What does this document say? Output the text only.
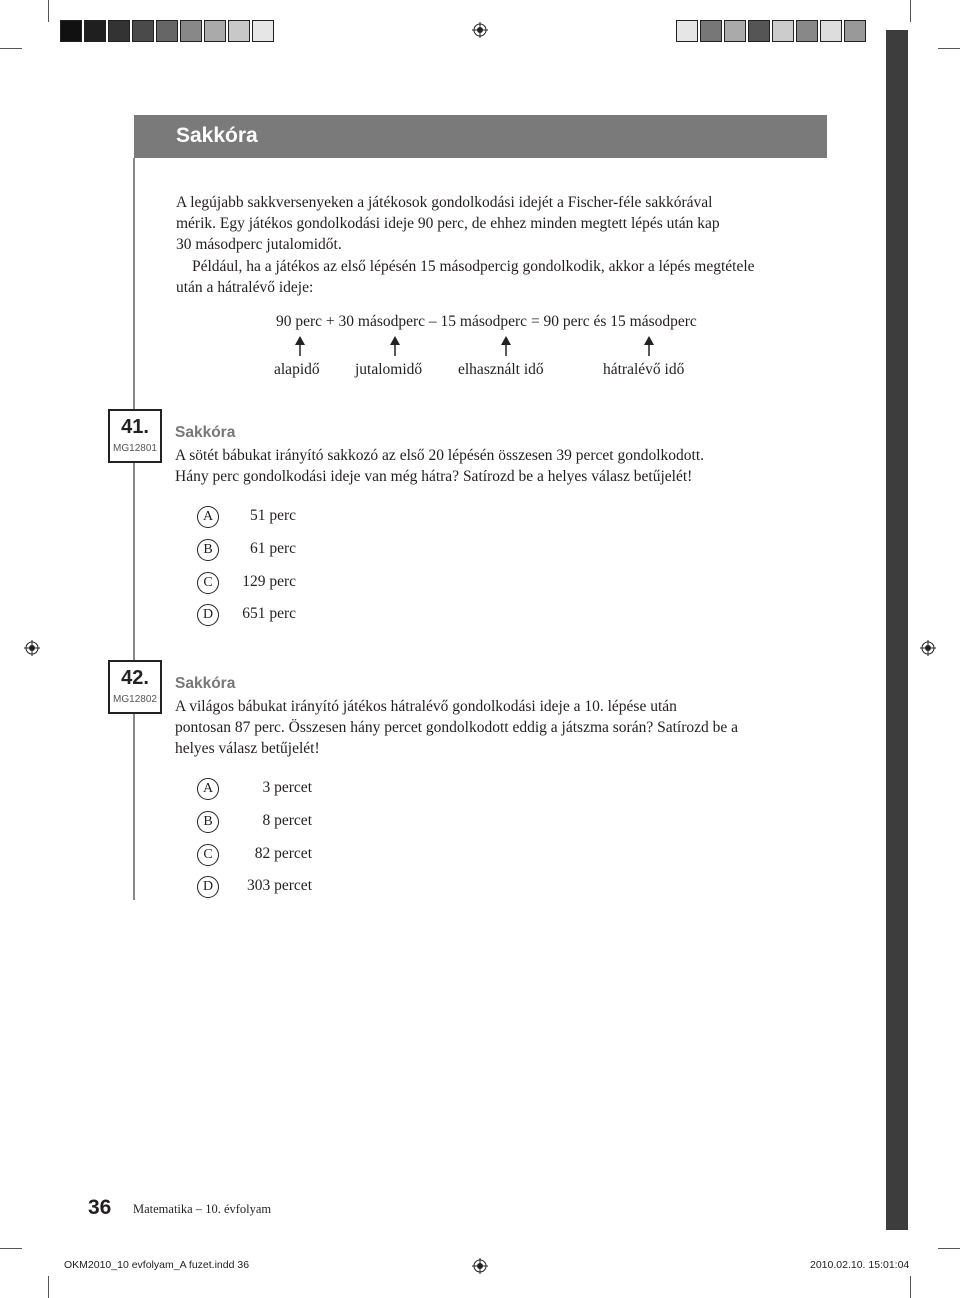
Sakkóra
A legújabb sakkversenyeken a játékosok gondolkodási idejét a Fischer-féle sakkórával
mérik. Egy játékos gondolkodási ideje 90 perc, de ehhez minden megtett lépés után kap
30 másodperc jutalomidőt.
Például, ha a játékos az első lépésén 15 másodpercig gondolkodik, akkor a lépés megtétele
után a hátralévő ideje:
90 perc + 30 másodperc – 15 másodperc = 90 perc és 15 másodperc
alapidő jutalomidő elhasznált idő	hátralévő idő
41.
MG12801
Sakkóra
A sötét bábukat irányító sakkozó az első 20 lépésén összesen 39 percet gondolkodott.
Hány perc gondolkodási ideje van még hátra? Satírozd be a helyes válasz betűjelét!
A	51 perc
B	61 perc
C	129 perc
D	651 perc
42.
MG12802
Sakkóra
A világos bábukat irányító játékos hátralévő gondolkodási ideje a 10. lépése után
pontosan 87 perc. Összesen hány percet gondolkodott eddig a játszma során? Satírozd be a
helyes válasz betűjelét!
A	3 percet
B	8 percet
C	82 percet
D	303 percet
36 Matematika – 10. évfolyam
OKM2010_10 evfolyam_A fuzet.indd 36	2010.02.10. 15:01:04
